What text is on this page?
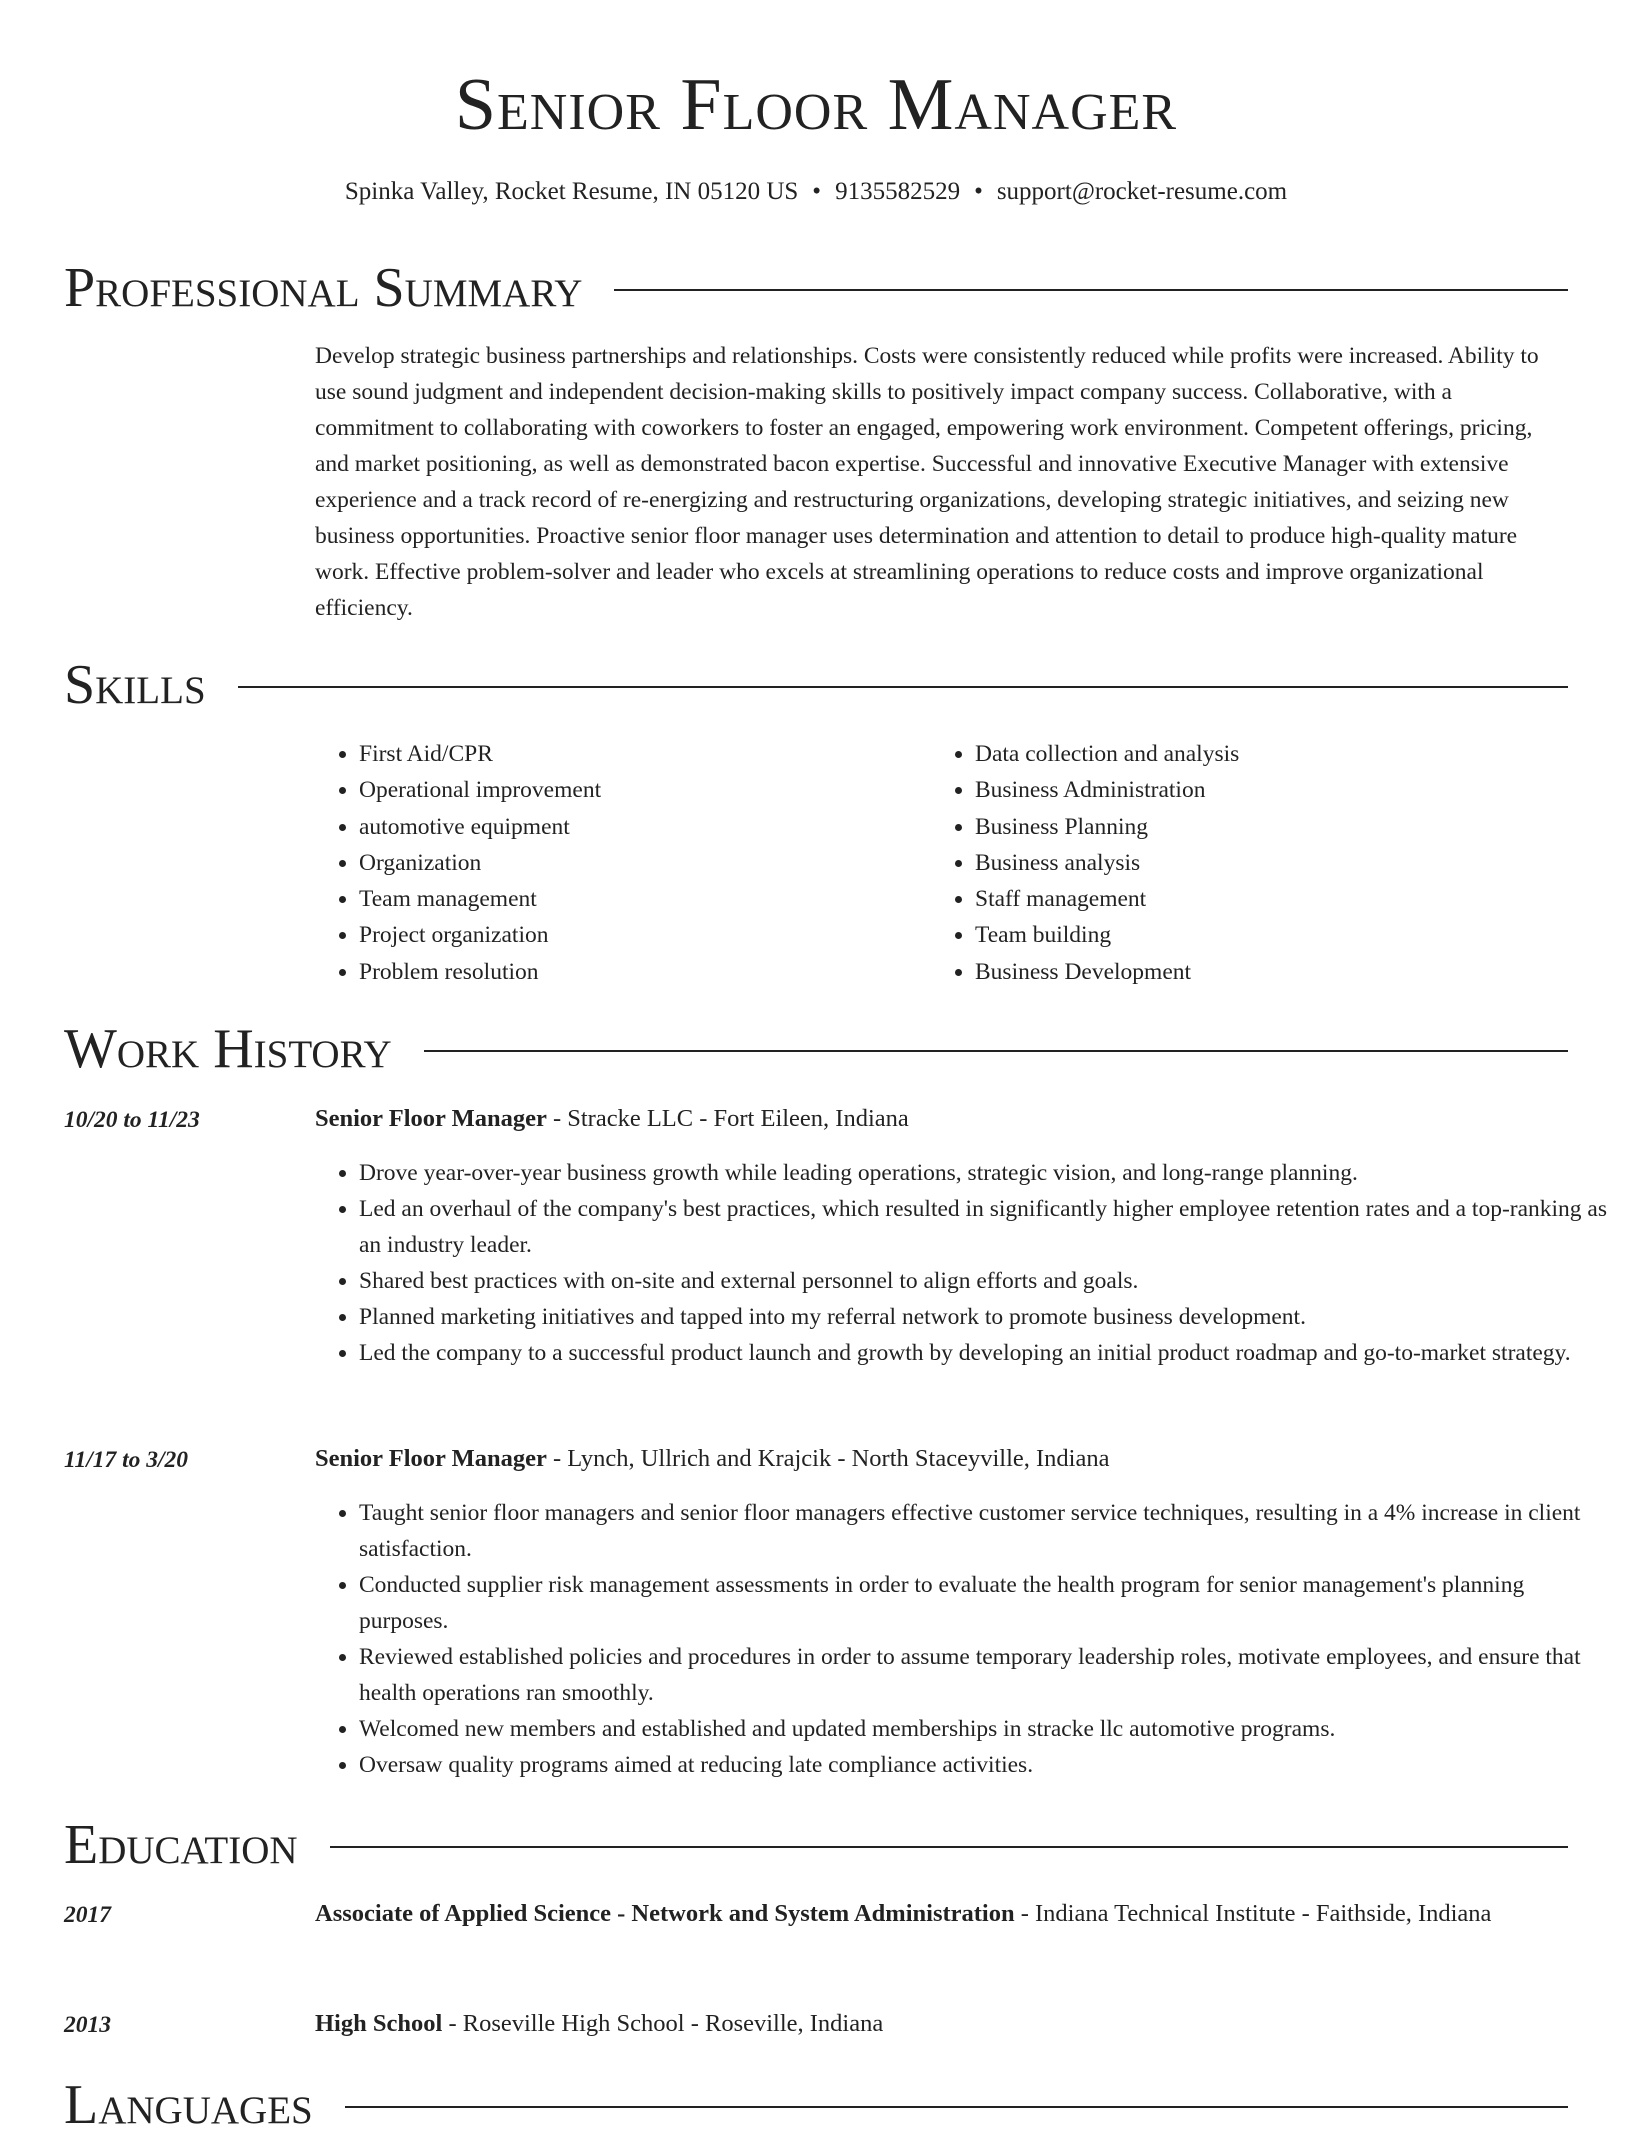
Senior Floor Manager
Spinka Valley, Rocket Resume, IN 05120 US • 9135582529 • support@rocket-resume.com
Professional Summary

Develop strategic business partnerships and relationships. Costs were consistently reduced while profits were increased. Ability to use sound judgment and independent decision-making skills to positively impact company success. Collaborative, with a commitment to collaborating with coworkers to foster an engaged, empowering work environment. Competent offerings, pricing, and market positioning, as well as demonstrated bacon expertise. Successful and innovative Executive Manager with extensive experience and a track record of re-energizing and restructuring organizations, developing strategic initiatives, and seizing new business opportunities. Proactive senior floor manager uses determination and attention to detail to produce high-quality mature work. Effective problem-solver and leader who excels at streamlining operations to reduce costs and improve organizational efficiency.

Skills
• First Aid/CPR
• Operational improvement
• automotive equipment
• Organization
• Team management
• Project organization
• Problem resolution
• Data collection and analysis
• Business Administration
• Business Planning
• Business analysis
• Staff management
• Team building
• Business Development
Work History
10/20 to 11/23	Senior Floor Manager - Stracke LLC - Fort Eileen, Indiana
• Drove year-over-year business growth while leading operations, strategic vision, and long-range planning.
• Led an overhaul of the company's best practices, which resulted in significantly higher employee retention rates and a top-ranking as an industry leader.
• Shared best practices with on-site and external personnel to align efforts and goals.
• Planned marketing initiatives and tapped into my referral network to promote business development.
• Led the company to a successful product launch and growth by developing an initial product roadmap and go-to-market strategy.
11/17 to 3/20	Senior Floor Manager - Lynch, Ullrich and Krajcik - North Staceyville, Indiana
• Taught senior floor managers and senior floor managers effective customer service techniques, resulting in a 4% increase in client satisfaction.
• Conducted supplier risk management assessments in order to evaluate the health program for senior management's planning purposes.
• Reviewed established policies and procedures in order to assume temporary leadership roles, motivate employees, and ensure that health operations ran smoothly.
• Welcomed new members and established and updated memberships in stracke llc automotive programs.
• Oversaw quality programs aimed at reducing late compliance activities.
Education
2017	Associate of Applied Science - Network and System Administration - Indiana Technical Institute - Faithside, Indiana
2013	High School - Roseville High School - Roseville, Indiana
Languages
